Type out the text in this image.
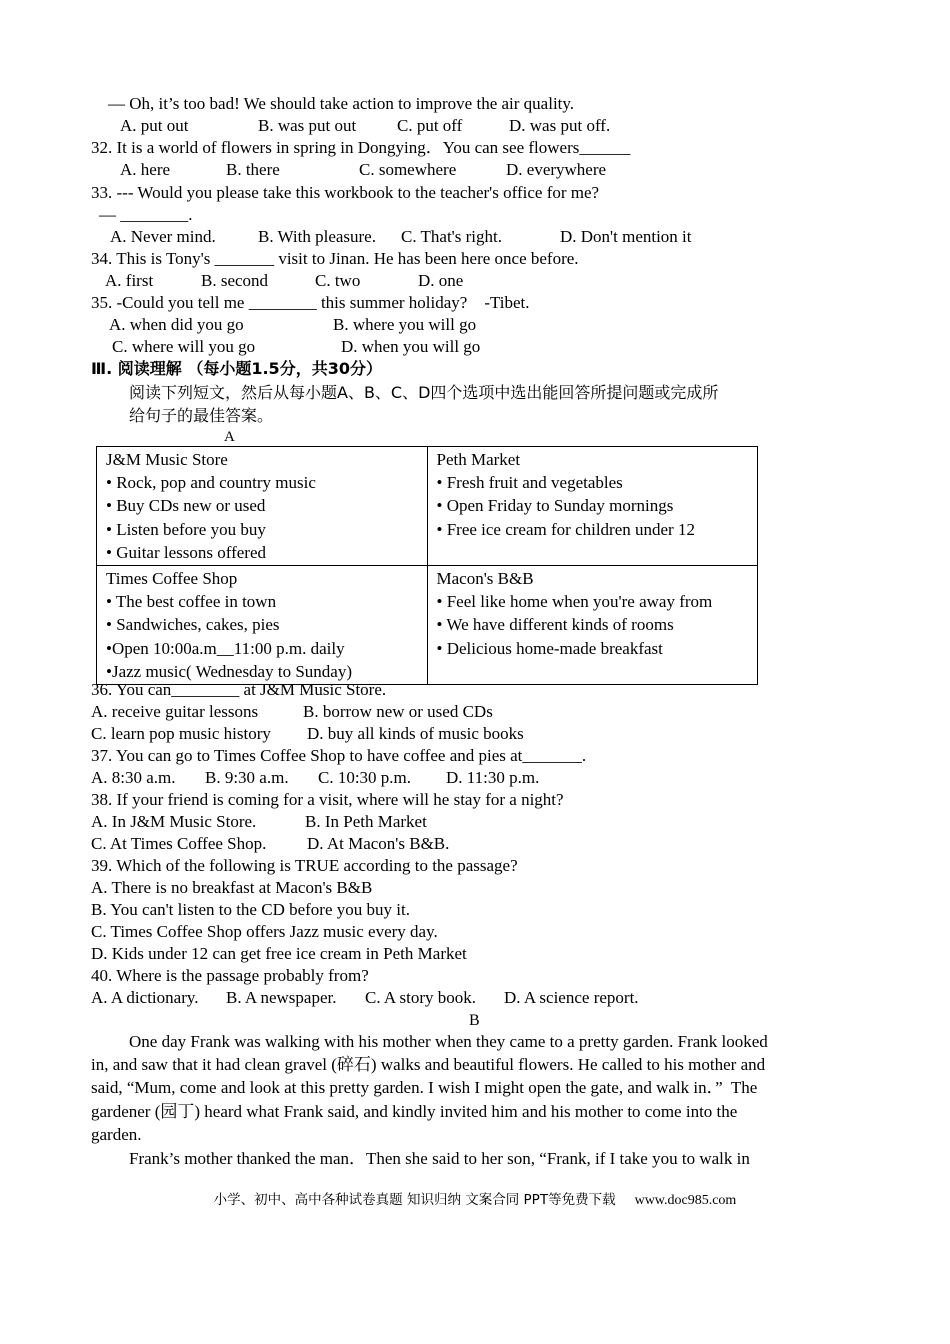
— Oh, it’s too bad! We should take action to improve the air quality.
A. put out	B. was put out C. put off	D. was put off.
32. It is a world of flowers in spring in Dongying．You can see flowers______
A. here	B. there	C. somewhere	D. everywhere
33. --- Would you please take this workbook to the teacher's office for me?
— ________.
A. Never mind. B. With pleasure. C. That's right.	D. Don't mention it
34. This is Tony's _______ visit to Jinan. He has been here once before.
A. first	B. second	C. two	D. one
35. -Could you tell me ________ this summer holiday?    -Tibet.
A. when did you go	B. where you will go
C. where will you go	D. when you will go
Ⅲ. 阅读理解 （每小题1.5分，共30分）
阅读下列短文，然后从每小题A、B、C、D四个选项中选出能回答所提问题或完成所
给句子的最佳答案。
A
J&M Music Store
• Rock, pop and country music
• Buy CDs new or used
• Listen before you buy
• Guitar lessons offered	Peth Market
• Fresh fruit and vegetables
• Open Friday to Sunday mornings
• Free ice cream for children under 12

Times Coffee Shop
• The best coffee in town
• Sandwiches, cakes, pies
•Open 10:00a.m__11:00 p.m. daily
•Jazz music( Wednesday to Sunday)	Macon's B&B
• Feel like home when you're away from
• We have different kinds of rooms
• Delicious home-made breakfast
36. You can________ at J&M Music Store.
A. receive guitar lessons	B. borrow new or used CDs
C. learn pop music history D. buy all kinds of music books
37. You can go to Times Coffee Shop to have coffee and pies at_______.
A. 8:30 a.m. B. 9:30 a.m. C. 10:30 p.m. D. 11:30 p.m.
38. If your friend is coming for a visit, where will he stay for a night?
A. In J&M Music Store.	B. In Peth Market
C. At Times Coffee Shop. D. At Macon's B&B.
39. Which of the following is TRUE according to the passage?
A. There is no breakfast at Macon's B&B
B. You can't listen to the CD before you buy it.
C. Times Coffee Shop offers Jazz music every day.
D. Kids under 12 can get free ice cream in Peth Market
40. Where is the passage probably from?
A. A dictionary. B. A newspaper. C. A story book. D. A science report.
B
One day Frank was walking with his mother when they came to a pretty garden. Frank looked
in, and saw that it had clean gravel (碎石) walks and beautiful flowers. He called to his mother and
said, “Mum, come and look at this pretty garden. I wish I might open the gate, and walk in．”  The
gardener (园丁) heard what Frank said, and kindly invited him and his mother to come into the
garden.
Frank’s mother thanked the man．Then she said to her son, “Frank, if I take you to walk in
小学、初中、高中各种试卷真题 知识归纳 文案合同 PPT等免费下载 www.doc985.com
